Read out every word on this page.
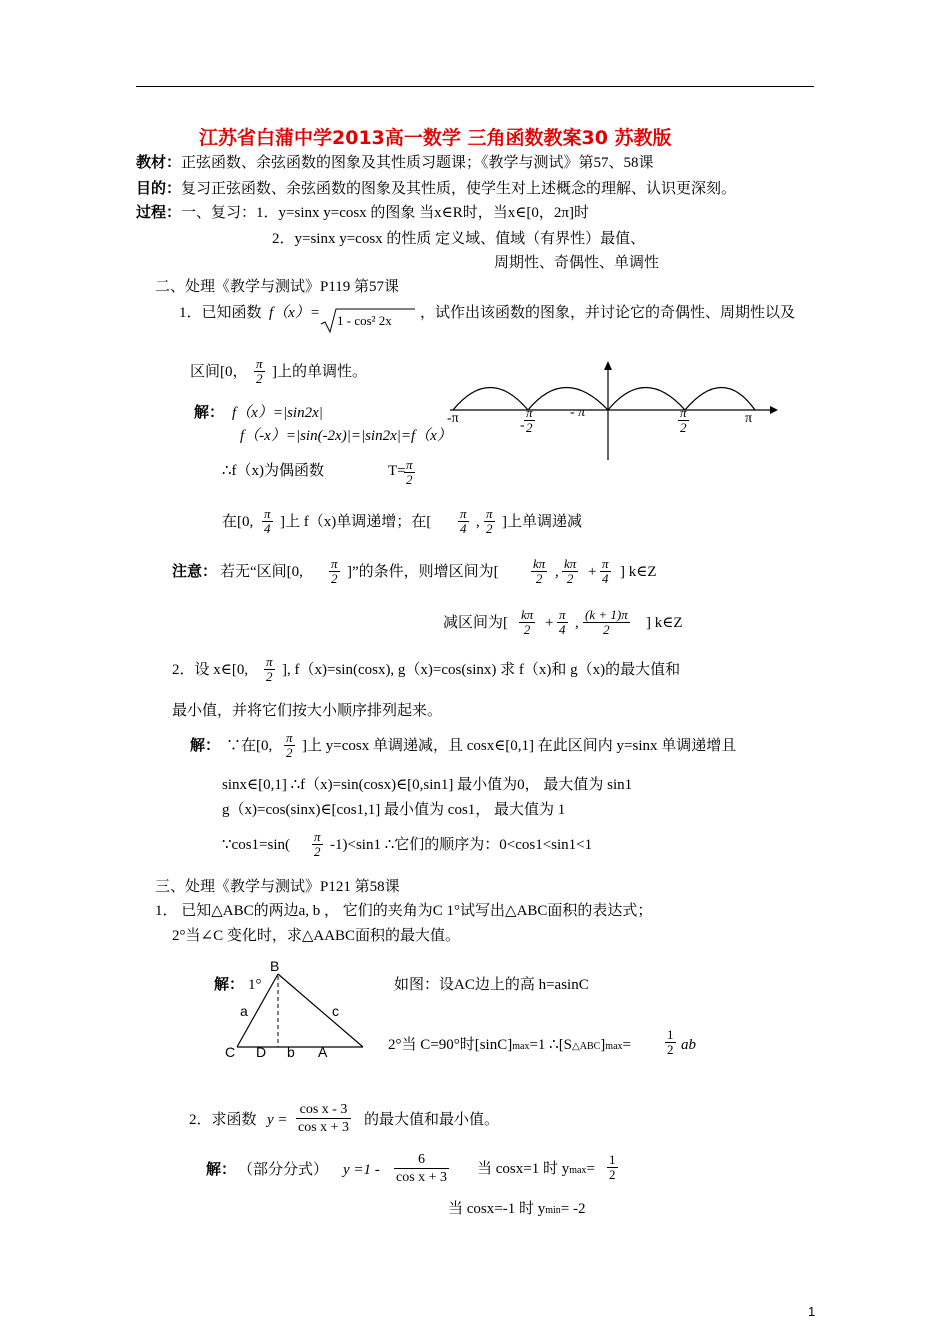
江苏省白蒲中学2013高一数学 三角函数教案30 苏教版
教材：正弦函数、余弦函数的图象及其性质习题课；《教学与测试》第57、58课
目的：复习正弦函数、余弦函数的图象及其性质，使学生对上述概念的理解、认识更深刻。
过程：一、复习：1．y=sinx y=cosx 的图象 当x∈R时，当x∈[0，2π]时
2．y=sinx y=cosx 的性质 定义域、值域（有界性）最值、
周期性、奇偶性、单调性
二、处理《教学与测试》P119 第57课
1．已知函数 f（x）= 1 - cos² 2x ，试作出该函数的图象，并讨论它的奇偶性、周期性以及
区间[0， $\frac{\pi}{2}$ ]上的单调性。
-π	- $\frac{\pi}{2}$	- π	$\frac{\pi}{2}$	π
解： f（x）=|sin2x|
f（-x）=|sin(-2x)|=|sin2x|=f（x）
∴f（x)为偶函数	T=
$\frac{\pi}{2}$
在[0, $\frac{\pi}{4}$ ]上 f（x)单调递增；在[ $\frac{\pi}{4}$ , $\frac{\pi}{2}$ ]上单调递减
注意： 若无“区间[0, $\frac{\pi}{2}$ ]”的条件，则增区间为[ $\frac{k\pi}{2}$ , $\frac{k\pi}{2} + \frac{\pi}{4}$ ] k∈Z
减区间为[ $\frac{k\pi}{2} + \frac{\pi}{4}$ , $\frac{(k + 1)\pi}{2}$ ] k∈Z
2．设 x∈[0, $\frac{\pi}{2}$ ], f（x)=sin(cosx), g（x)=cos(sinx) 求 f（x)和 g（x)的最大值和
最小值，并将它们按大小顺序排列起来。
解： ∵在[0, $\frac{\pi}{2}$ ]上 y=cosx 单调递减，且 cosx∈[0,1] 在此区间内 y=sinx 单调递增且
sinx∈[0,1] ∴f（x)=sin(cosx)∈[0,sin1] 最小值为0， 最大值为 sin1
g（x)=cos(sinx)∈[cos1,1] 最小值为 cos1， 最大值为 1
∵cos1=sin( $\frac{\pi}{2} -1)<\sin 1$ ∴它们的顺序为：0<cos1<sin1<1
三、处理《教学与测试》P121 第58课
1． 已知△ABC的两边a, b ， 它们的夹角为C 1°试写出△ABC面积的表达式；
2°当∠C 变化时，求△AABC面积的最大值。
解： 1°
B
a	c
C D b A
如图：设AC边上的高 h=asinC
2°当 C=90°时[sinC]max=1 ∴[S△ABC]max=	$\frac{1}{2}$ ab
2．求函数 $y = \frac{\text{cos x - 3}}{\text{cos x + 3}}$ 的最大值和最小值。
解： （部分分式） $y =1 - \frac{6}{\text{cos x + 3}}$ 当 cosx=1 时 $ymax= \frac{1}{2}$
当 cosx=-1 时 ymin= -2
1
